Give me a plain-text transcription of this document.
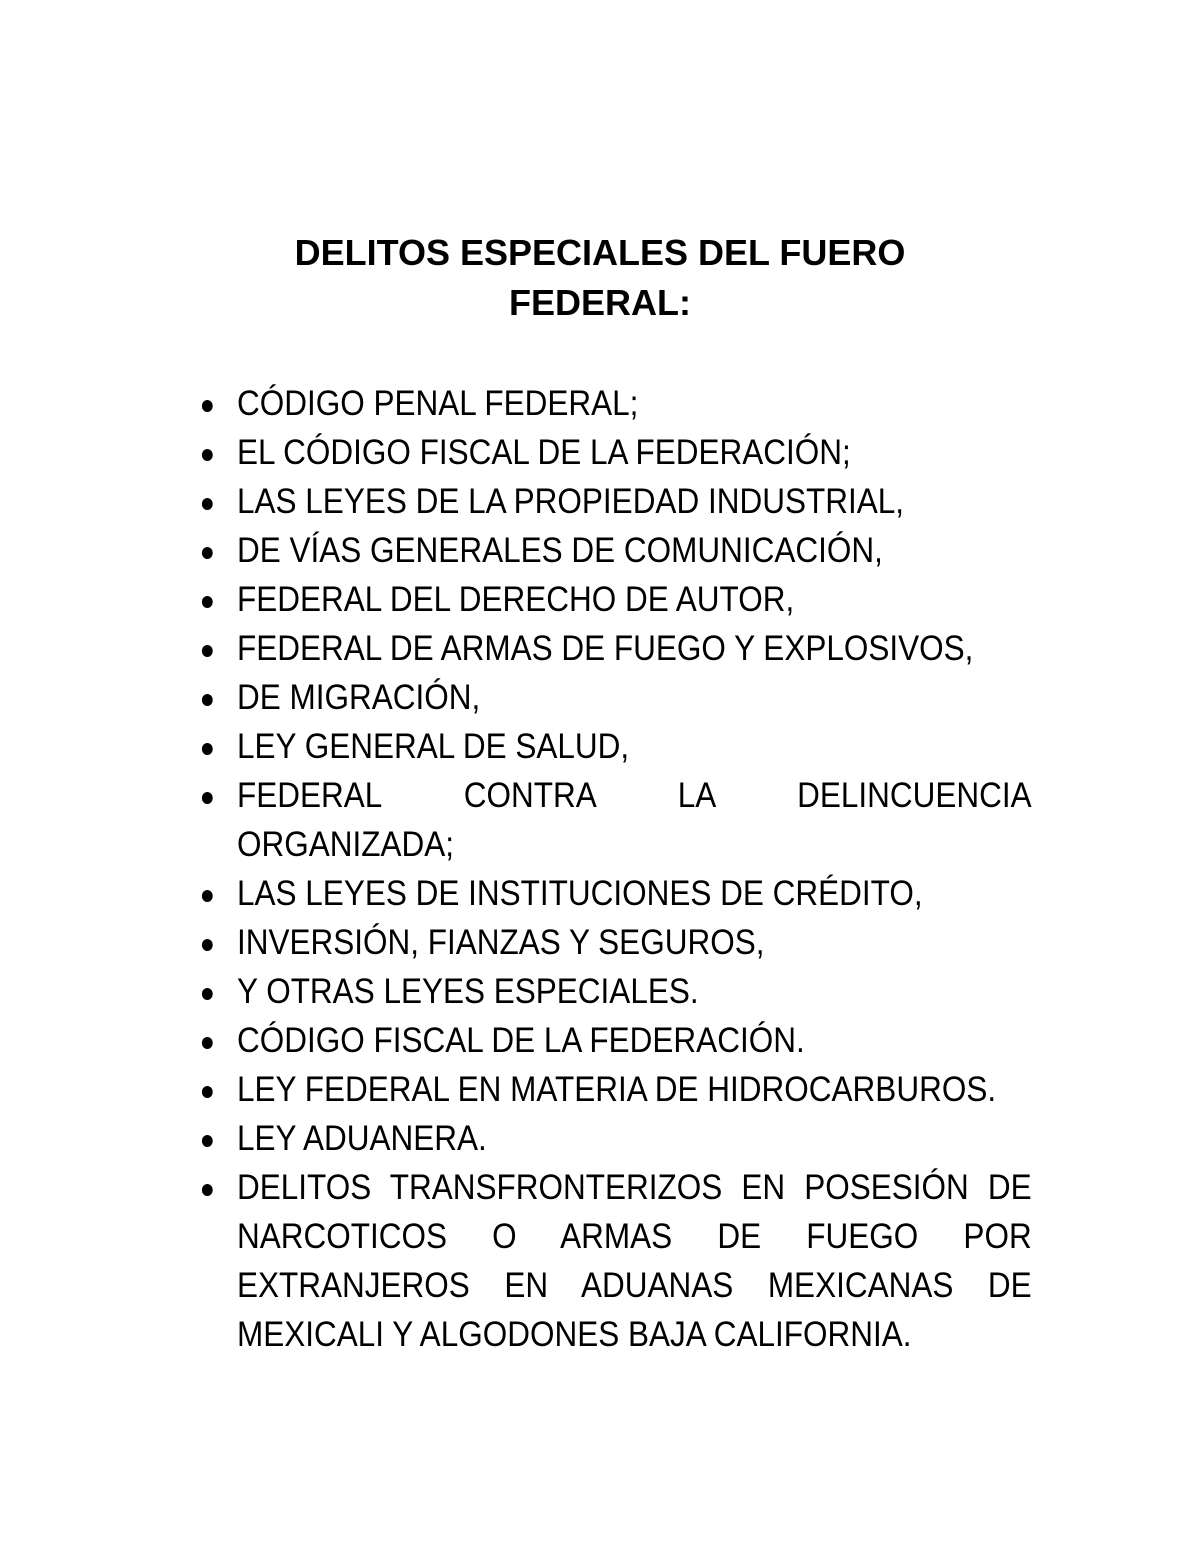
DELITOS ESPECIALES DEL FUERO
FEDERAL:
CÓDIGO PENAL FEDERAL;
EL CÓDIGO FISCAL DE LA FEDERACIÓN;
LAS LEYES DE LA PROPIEDAD INDUSTRIAL,
DE VÍAS GENERALES DE COMUNICACIÓN,
FEDERAL DEL DERECHO DE AUTOR,
FEDERAL DE ARMAS DE FUEGO Y EXPLOSIVOS,
DE MIGRACIÓN,
LEY GENERAL DE SALUD,
FEDERAL CONTRA LA DELINCUENCIA ORGANIZADA;
LAS LEYES DE INSTITUCIONES DE CRÉDITO,
INVERSIÓN, FIANZAS Y SEGUROS,
Y OTRAS LEYES ESPECIALES.
CÓDIGO FISCAL DE LA FEDERACIÓN.
LEY FEDERAL EN MATERIA DE HIDROCARBUROS.
LEY ADUANERA.
DELITOS TRANSFRONTERIZOS EN POSESIÓN DE NARCOTICOS O ARMAS DE FUEGO POR EXTRANJEROS EN ADUANAS MEXICANAS DE MEXICALI Y ALGODONES BAJA CALIFORNIA.
